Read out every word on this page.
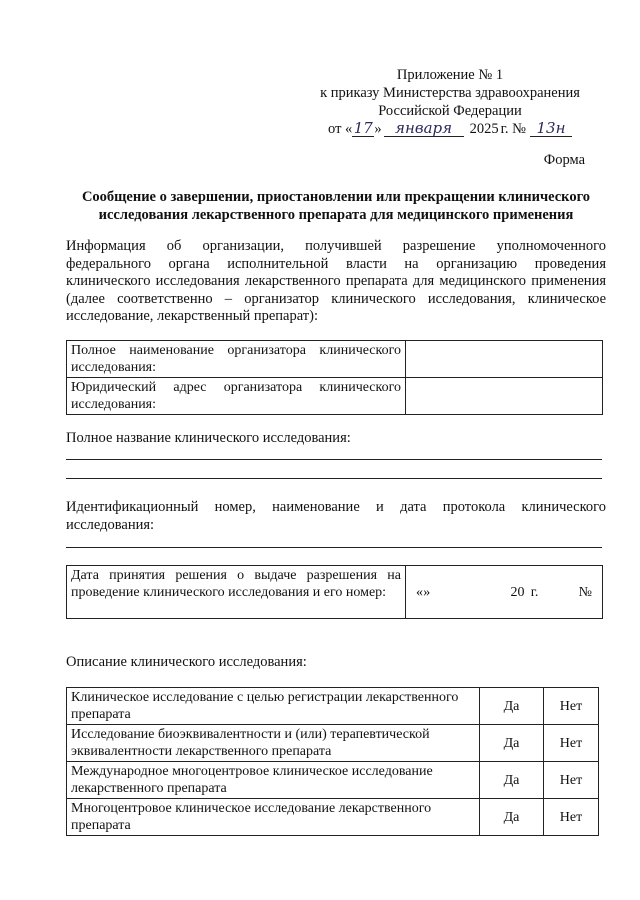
Приложение № 1
к приказу Министерства здравоохранения
Российской Федерации
от « 17 » января	2025 г. № 13н
Форма
Сообщение о завершении, приостановлении или прекращении клинического исследования лекарственного препарата для медицинского применения
Информация об организации, получившей разрешение уполномоченного федерального органа исполнительной власти на организацию проведения клинического исследования лекарственного препарата для медицинского применения (далее соответственно – организатор клинического исследования, клиническое исследование, лекарственный препарат):
Полное наименование организатора клинического исследования:	
Юридический адрес организатора клинического исследования:	
Полное название клинического исследования:
Идентификационный номер, наименование и дата протокола клинического исследования:
Дата принятия решения о выдаче разрешения на проведение клинического исследования и его номер:	« »	20 г.	№
Описание клинического исследования:
Клиническое исследование с целью регистрации лекарственного препарата	Да	Нет
Исследование биоэквивалентности и (или) терапевтической эквивалентности лекарственного препарата	Да	Нет
Международное многоцентровое клиническое исследование лекарственного препарата	Да	Нет
Многоцентровое клиническое исследование лекарственного препарата	Да	Нет
